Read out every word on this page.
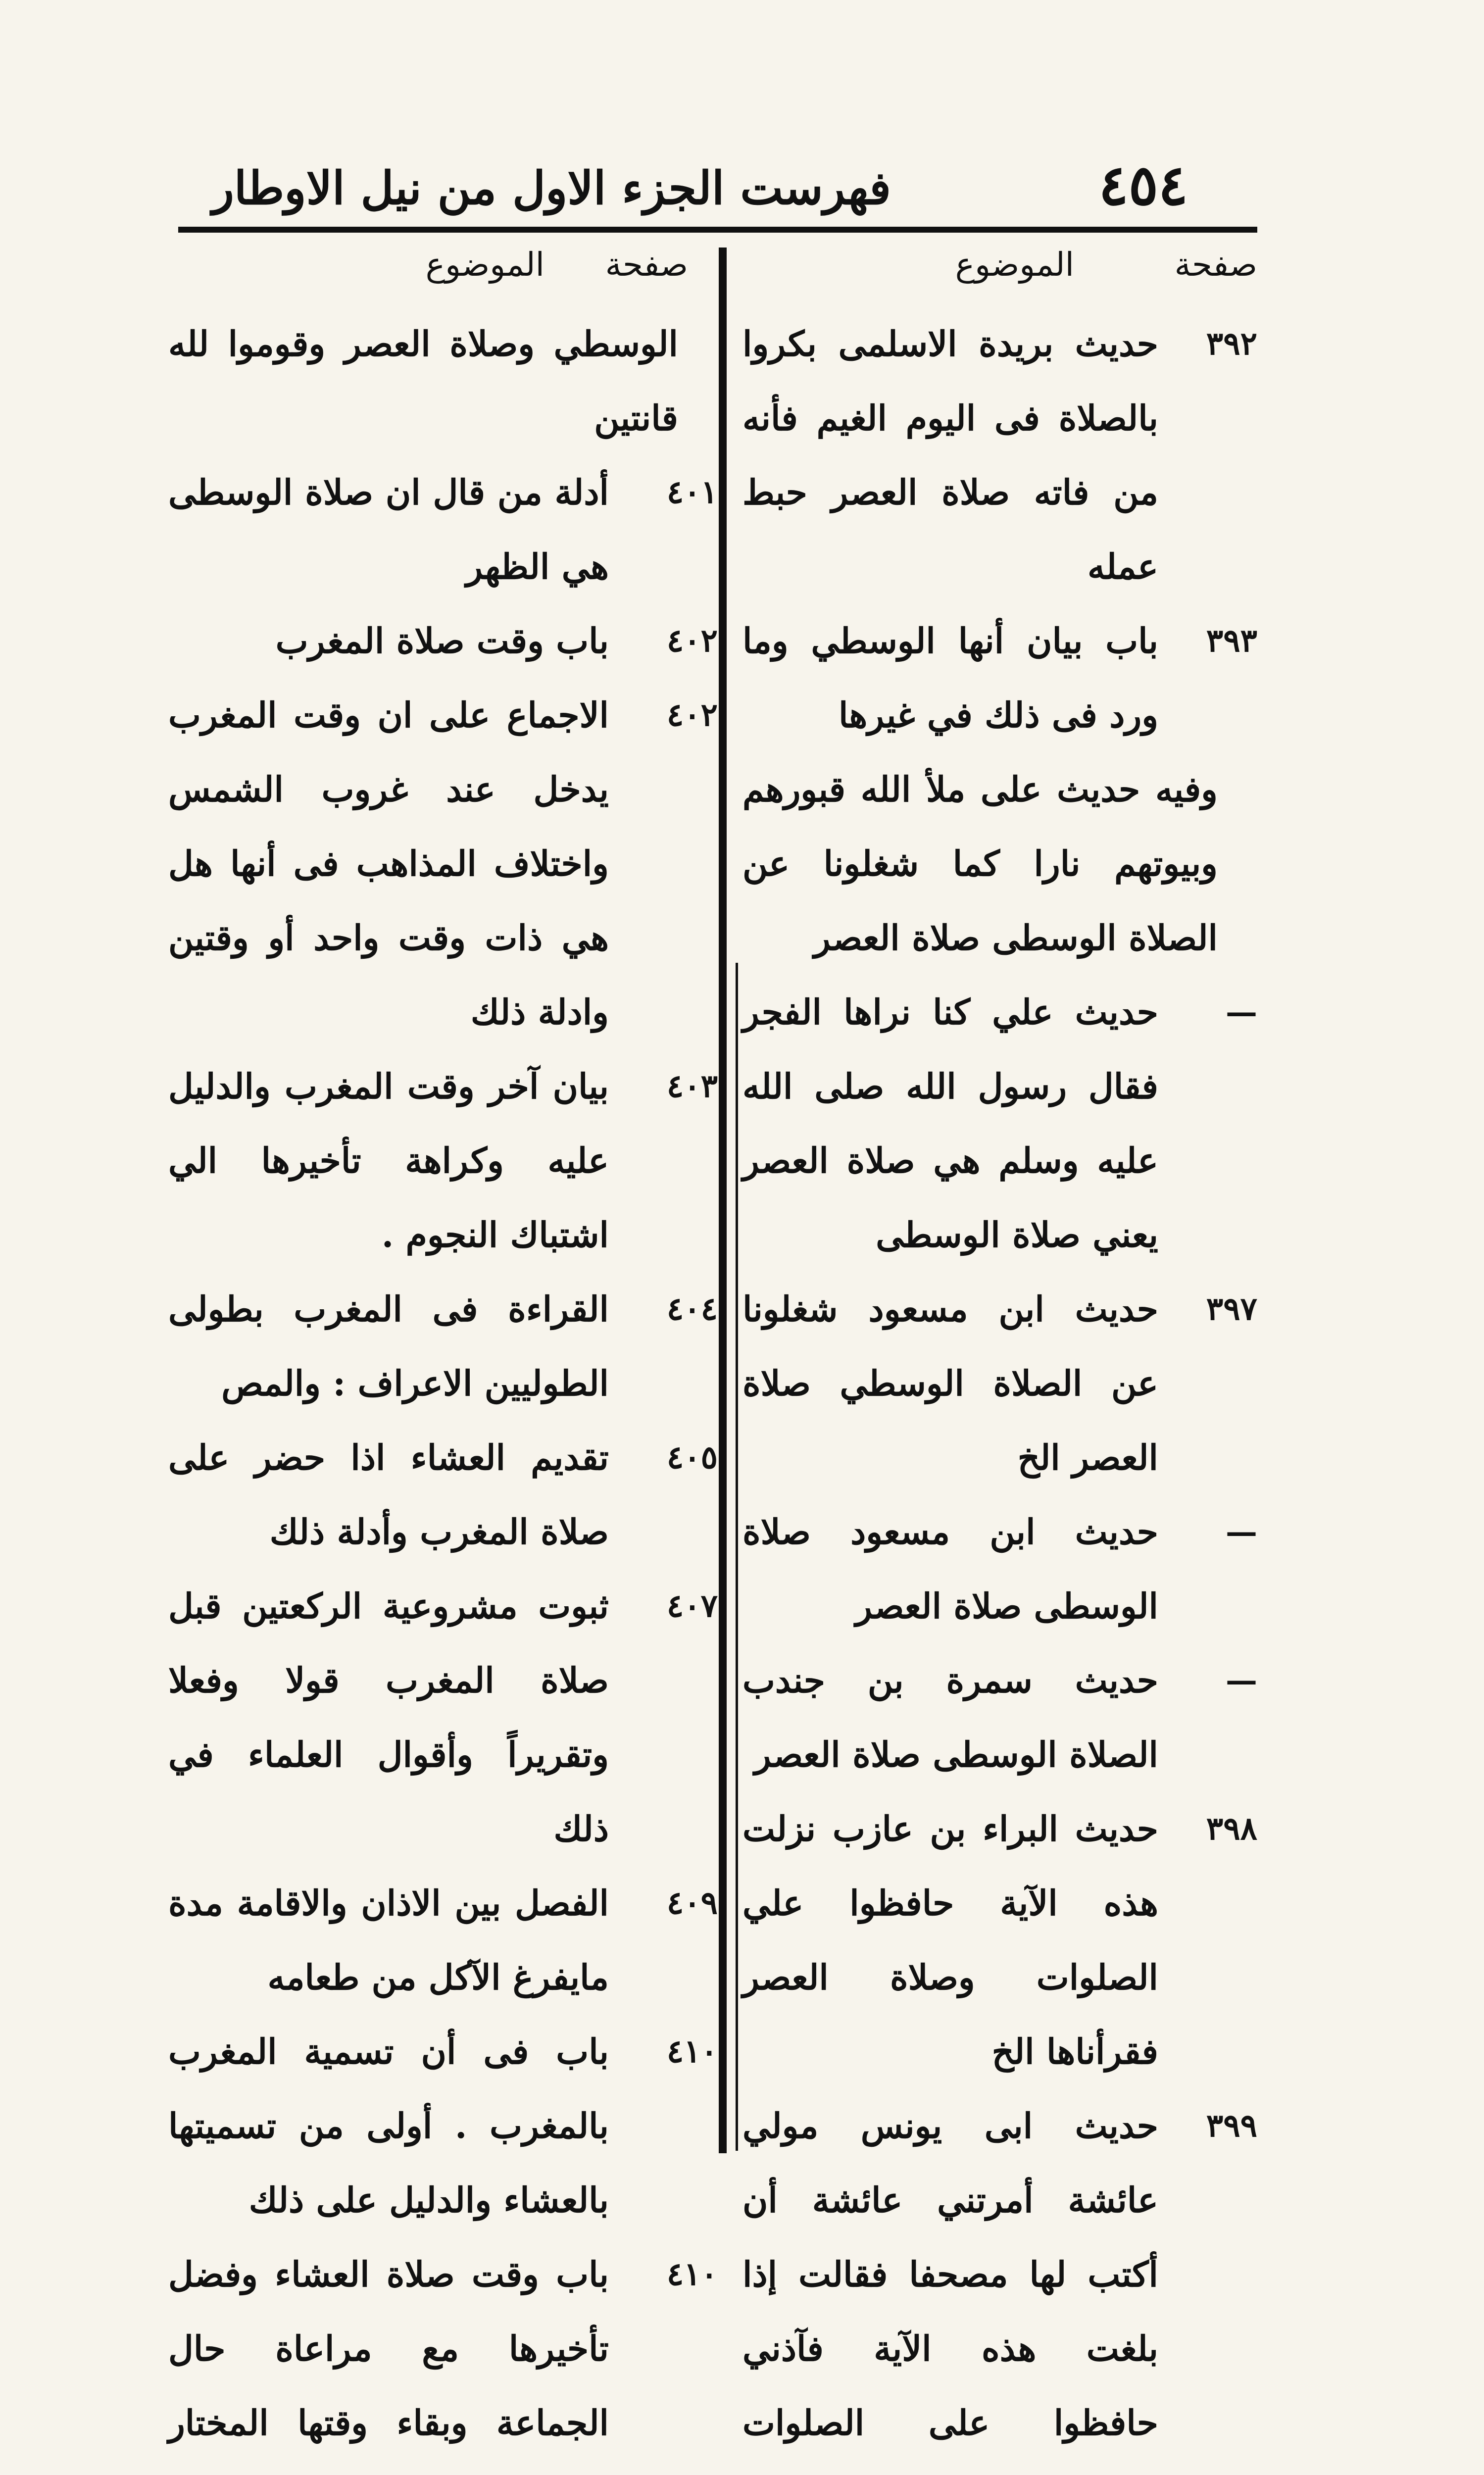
٤٥٤
فهرست الجزء الاول من نيل الاوطار
صفحة
الموضوع
صفحة
الموضوع
٣٩٢
حديث بريدة الاسلمى بكروا بالصلاة فى اليوم الغيم فأنه من فاته صلاة العصر حبط عمله
٣٩٣
باب بيان أنها الوسطي وما ورد فى ذلك في غيرها
وفيه حديث على ملأ الله قبورهم وبيوتهم نارا كما شغلونا عن الصلاة الوسطى صلاة العصر
—
حديث علي كنا نراها الفجر فقال رسول الله صلى الله عليه وسلم هي صلاة العصر يعني صلاة الوسطى
٣٩٧
حديث ابن مسعود شغلونا عن الصلاة الوسطي صلاة العصر الخ
—
حديث ابن مسعود صلاة الوسطى صلاة العصر
—
حديث سمرة بن جندب الصلاة الوسطى صلاة العصر
٣٩٨
حديث البراء بن عازب نزلت هذه الآية حافظوا علي الصلوات وصلاة العصر فقرأناها الخ
٣٩٩
حديث ابى يونس مولي عائشة أمرتني عائشة أن أكتب لها مصحفا فقالت إذا بلغت هذه الآية فآذني حافظوا على الصلوات
الوسطي وصلاة العصر وقوموا لله قانتين
٤٠١
أدلة من قال ان صلاة الوسطى هي الظهر
٤٠٢
باب وقت صلاة المغرب
٤٠٢
الاجماع على ان وقت المغرب يدخل عند غروب الشمس واختلاف المذاهب فى أنها هل هي ذات وقت واحد أو وقتين وادلة ذلك
٤٠٣
بيان آخر وقت المغرب والدليل عليه وكراهة تأخيرها الي اشتباك النجوم .
٤٠٤
القراءة فى المغرب بطولى الطوليين الاعراف : والمص
٤٠٥
تقديم العشاء اذا حضر على صلاة المغرب وأدلة ذلك
٤٠٧
ثبوت مشروعية الركعتين قبل صلاة المغرب قولا وفعلا وتقريراً وأقوال العلماء في ذلك
٤٠٩
الفصل بين الاذان والاقامة مدة مايفرغ الآكل من طعامه
٤١٠
باب فى أن تسمية المغرب بالمغرب . أولى من تسميتها بالعشاء والدليل على ذلك
٤١٠
باب وقت صلاة العشاء وفضل تأخيرها مع مراعاة حال الجماعة وبقاء وقتها المختار
